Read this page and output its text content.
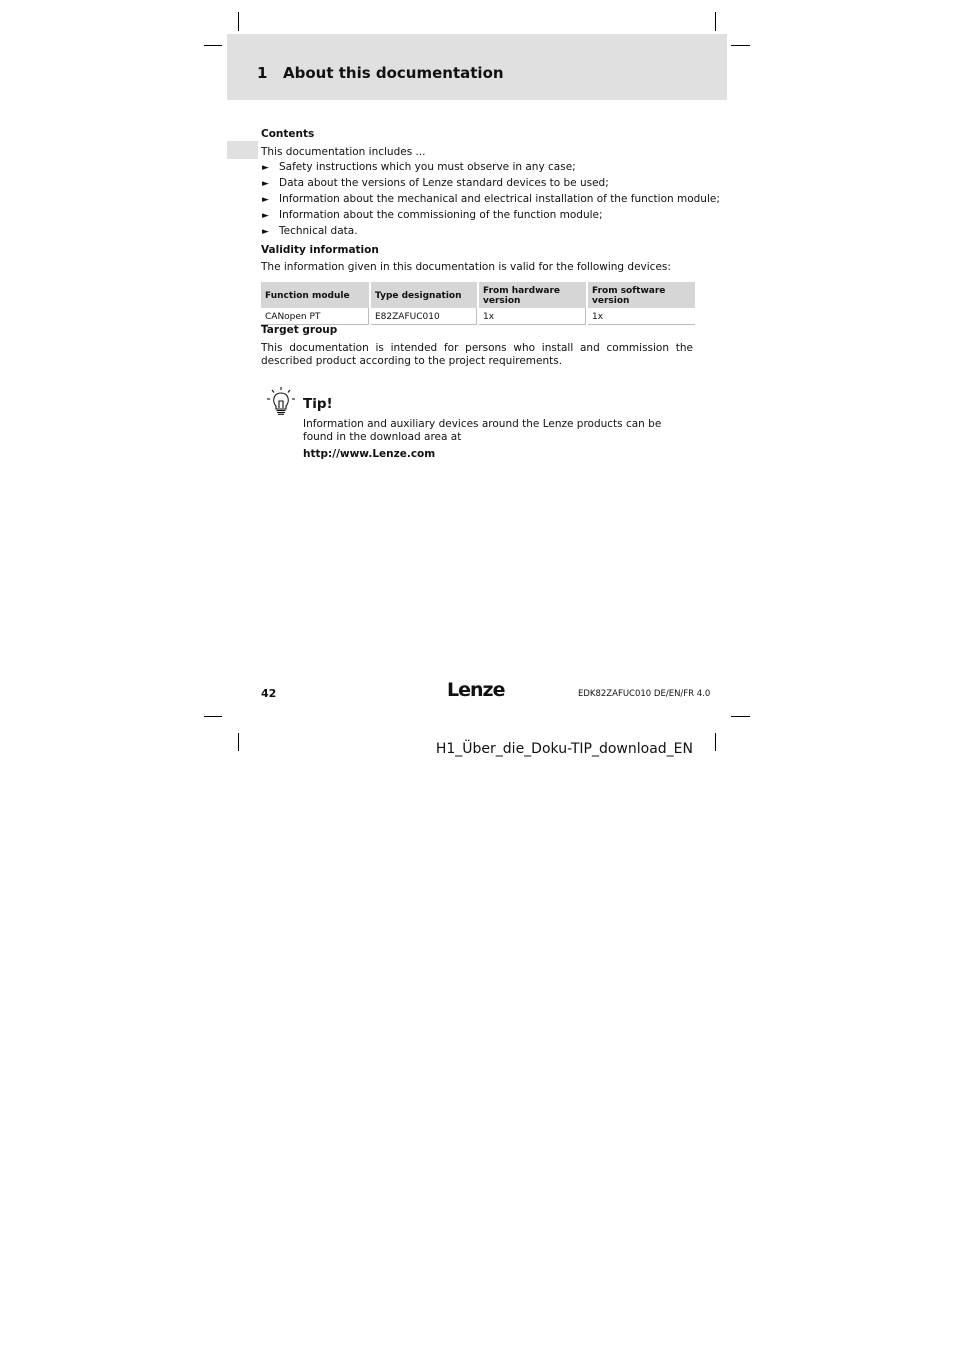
1 About this documentation
Contents
This documentation includes ...
► Safety instructions which you must observe in any case;
► Data about the versions of Lenze standard devices to be used;
► Information about the mechanical and electrical installation of the function module;
► Information about the commissioning of the function module;
► Technical data.
Validity information
The information given in this documentation is valid for the following devices:
Function module	Type designation	From hardware version	From software version
CANopen PT	E82ZAFUC010	1x	1x
Target group
This documentation is intended for persons who install and commission the described product according to the project requirements.
Tip!
Information and auxiliary devices around the Lenze products can be found in the download area at
http://www.Lenze.com
42	Lenze	EDK82ZAFUC010 DE/EN/FR 4.0
H1_Über_die_Doku-TIP_download_EN
